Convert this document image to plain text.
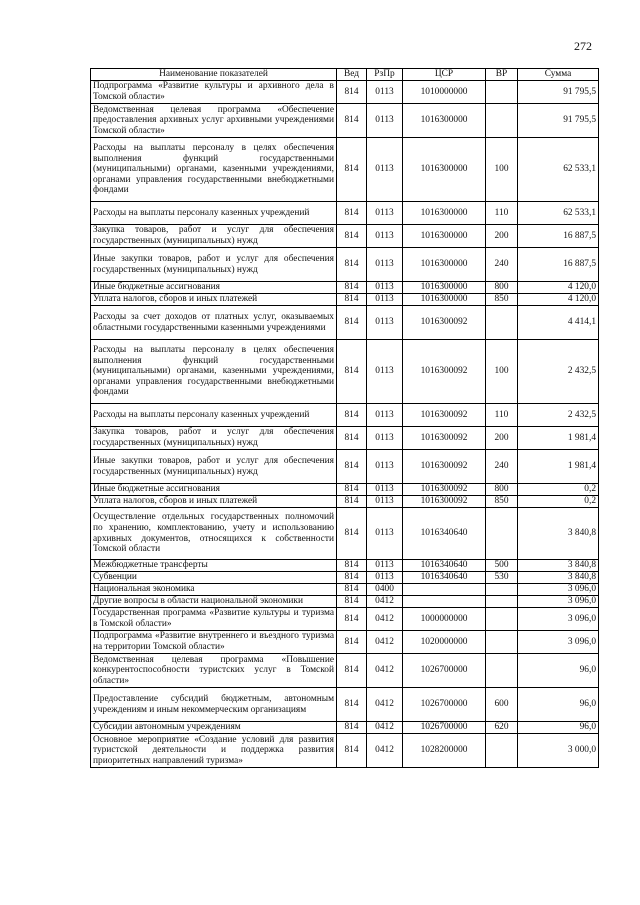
272
Наименование показателей	Вед	РзПр	ЦСР	ВР	Сумма
Подпрограмма «Развитие культуры и архивного дела в Томской области»	814	0113	1010000000		91 795,5
Ведомственная целевая программа «Обеспечение предоставления архивных услуг архивными учреждениями Томской области»	814	0113	1016300000		91 795,5
Расходы на выплаты персоналу в целях обеспечения выполнения функций государственными (муниципальными) органами, казенными учреждениями, органами управления государственными внебюджетными фондами	814	0113	1016300000	100	62 533,1
Расходы на выплаты персоналу казенных учреждений	814	0113	1016300000	110	62 533,1
Закупка товаров, работ и услуг для обеспечения государственных (муниципальных) нужд	814	0113	1016300000	200	16 887,5
Иные закупки товаров, работ и услуг для обеспечения государственных (муниципальных) нужд	814	0113	1016300000	240	16 887,5
Иные бюджетные ассигнования	814	0113	1016300000	800	4 120,0
Уплата налогов, сборов и иных платежей	814	0113	1016300000	850	4 120,0
Расходы за счет доходов от платных услуг, оказываемых областными государственными казенными учреждениями	814	0113	1016300092		4 414,1
Расходы на выплаты персоналу в целях обеспечения выполнения функций государственными (муниципальными) органами, казенными учреждениями, органами управления государственными внебюджетными фондами	814	0113	1016300092	100	2 432,5
Расходы на выплаты персоналу казенных учреждений	814	0113	1016300092	110	2 432,5
Закупка товаров, работ и услуг для обеспечения государственных (муниципальных) нужд	814	0113	1016300092	200	1 981,4
Иные закупки товаров, работ и услуг для обеспечения государственных (муниципальных) нужд	814	0113	1016300092	240	1 981,4
Иные бюджетные ассигнования	814	0113	1016300092	800	0,2
Уплата налогов, сборов и иных платежей	814	0113	1016300092	850	0,2
Осуществление отдельных государственных полномочий по хранению, комплектованию, учету и использованию архивных документов, относящихся к собственности Томской области	814	0113	1016340640		3 840,8
Межбюджетные трансферты	814	0113	1016340640	500	3 840,8
Субвенции	814	0113	1016340640	530	3 840,8
Национальная экономика	814	0400			3 096,0
Другие вопросы в области национальной экономики	814	0412			3 096,0
Государственная программа «Развитие культуры и туризма в Томской области»	814	0412	1000000000		3 096,0
Подпрограмма «Развитие внутреннего и въездного туризма на территории Томской области»	814	0412	1020000000		3 096,0
Ведомственная целевая программа «Повышение конкурентоспособности туристских услуг в Томской области»	814	0412	1026700000		96,0
Предоставление субсидий бюджетным, автономным учреждениям и иным некоммерческим организациям	814	0412	1026700000	600	96,0
Субсидии автономным учреждениям	814	0412	1026700000	620	96,0
Основное мероприятие «Создание условий для развития туристской деятельности и поддержка развития приоритетных направлений туризма»	814	0412	1028200000		3 000,0
